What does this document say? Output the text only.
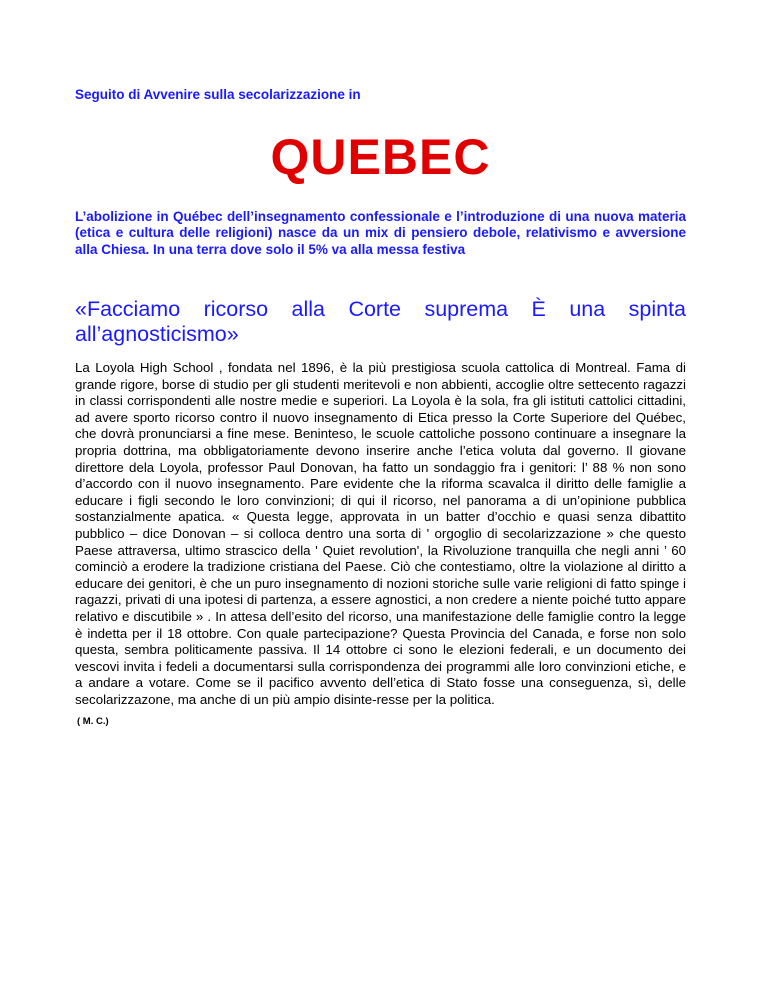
Seguito di Avvenire sulla secolarizzazione in
QUEBEC
L’abolizione in Québec dell’insegnamento confessionale e l’introduzione di una nuova materia (etica e cultura delle religioni) nasce da un mix di pensiero debole, relativismo e avversione alla Chiesa. In una terra dove solo il 5% va alla messa festiva
«Facciamo ricorso alla Corte suprema È una spinta all’agnosticismo»
La Loyola High School , fondata nel 1896, è la più prestigiosa scuola cattolica di Montreal. Fama di grande rigore, borse di studio per gli studenti meritevoli e non abbienti, accoglie oltre settecento ragazzi in classi corrispondenti alle nostre medie e superiori. La Loyola è la sola, fra gli istituti cattolici cittadini, ad avere sporto ricorso contro il nuovo insegnamento di Etica presso la Corte Superiore del Québec, che dovrà pronunciarsi a fine mese. Beninteso, le scuole cattoliche possono continuare a insegnare la propria dottrina, ma obbligatoriamente devono inserire anche l’etica voluta dal governo. Il giovane direttore dela Loyola, professor Paul Donovan, ha fatto un sondaggio fra i genitori: l’ 88 % non sono d’accordo con il nuovo insegnamento. Pare evidente che la riforma scavalca il diritto delle famiglie a educare i figli secondo le loro convinzioni; di qui il ricorso, nel panorama a di un’opinione pubblica sostanzialmente apatica. « Questa legge, approvata in un batter d’occhio e quasi senza dibattito pubblico – dice Donovan – si colloca dentro una sorta di ' orgoglio di secolarizzazione » che questo Paese attraversa, ultimo strascico della ' Quiet revolution', la Rivoluzione tranquilla che negli anni ’ 60 cominciò a erodere la tradizione cristiana del Paese. Ciò che contestiamo, oltre la violazione al diritto a educare dei genitori, è che un puro insegnamento di nozioni storiche sulle varie religioni di fatto spinge i ragazzi, privati di una ipotesi di partenza, a essere agnostici, a non credere a niente poiché tutto appare relativo e discutibile » . In attesa dell’esito del ricorso, una manifestazione delle famiglie contro la legge è indetta per il 18 ottobre. Con quale partecipazione? Questa Provincia del Canada, e forse non solo questa, sembra politicamente passiva. Il 14 ottobre ci sono le elezioni federali, e un documento dei vescovi invita i fedeli a documentarsi sulla corrispondenza dei programmi alle loro convinzioni etiche, e a andare a votare. Come se il pacifico avvento dell’etica di Stato fosse una conseguenza, sì, delle secolarizzazone, ma anche di un più ampio disinte-resse per la politica.
( M. C.)
